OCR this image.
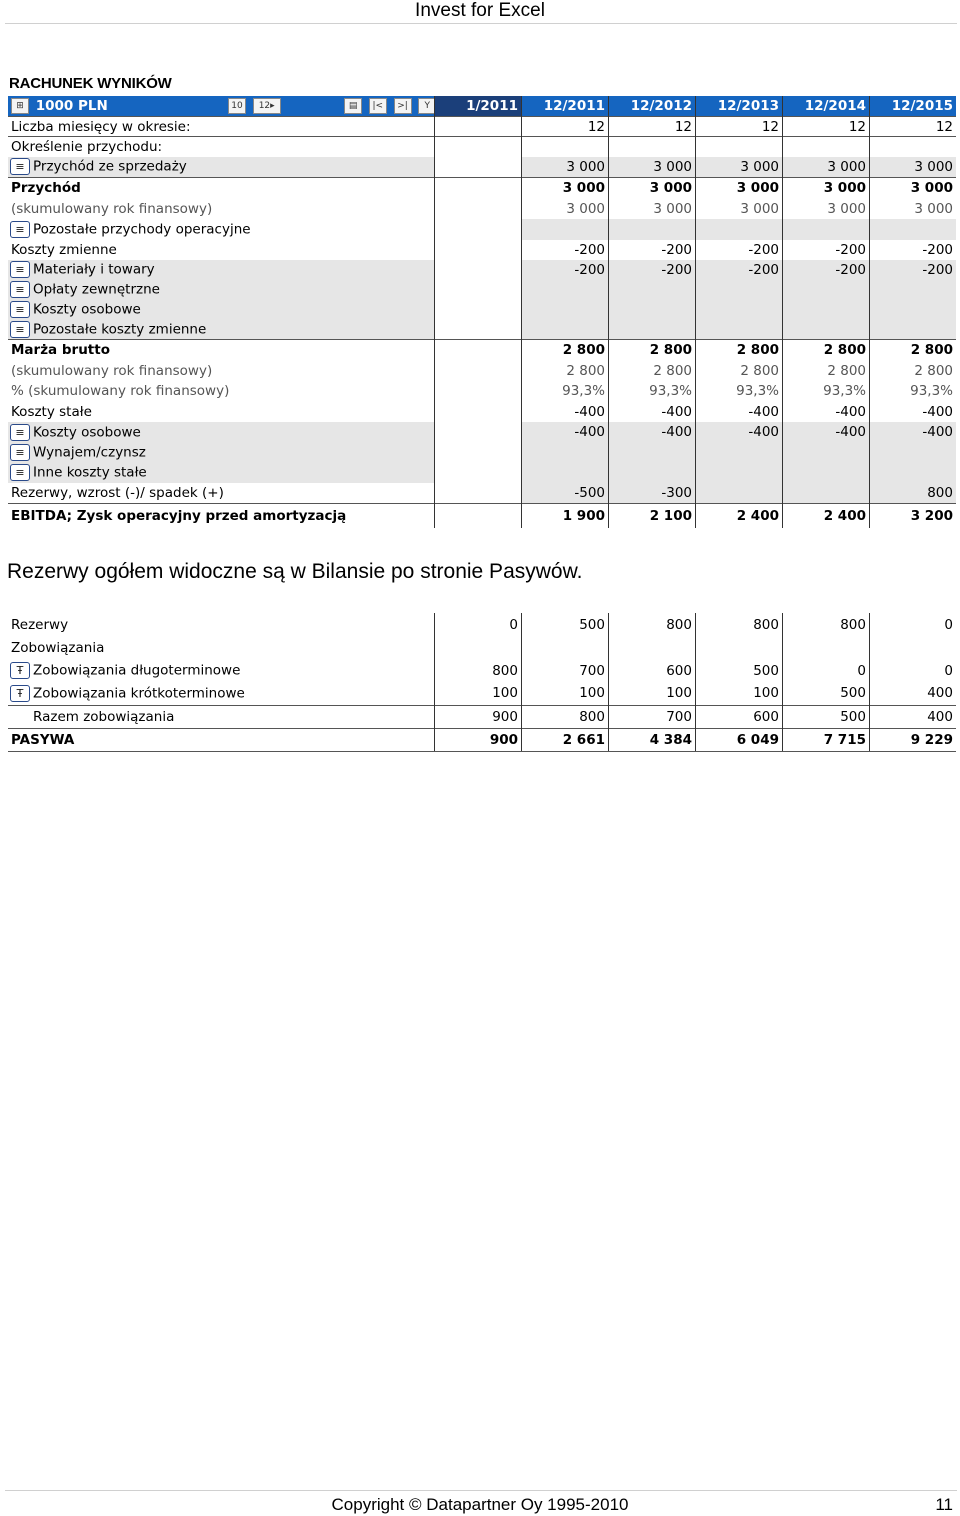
Invest for Excel
RACHUNEK WYNIKÓW
⊞ 1000 PLN 10 12▸ ▤ |< >| Y	1/2011	12/2011	12/2012	12/2013	12/2014	12/2015
Liczba miesięcy w okresie:		12	12	12	12	12
Określenie przychodu:						
≡ Przychód ze sprzedaży		3 000	3 000	3 000	3 000	3 000
Przychód		3 000	3 000	3 000	3 000	3 000
(skumulowany rok finansowy)		3 000	3 000	3 000	3 000	3 000
≡ Pozostałe przychody operacyjne						
Koszty zmienne		-200	-200	-200	-200	-200
≡ Materiały i towary		-200	-200	-200	-200	-200
≡ Opłaty zewnętrzne						
≡ Koszty osobowe						
≡ Pozostałe koszty zmienne						
Marża brutto		2 800	2 800	2 800	2 800	2 800
(skumulowany rok finansowy)		2 800	2 800	2 800	2 800	2 800
% (skumulowany rok finansowy)		93,3%	93,3%	93,3%	93,3%	93,3%
Koszty stałe		-400	-400	-400	-400	-400
≡ Koszty osobowe		-400	-400	-400	-400	-400
≡ Wynajem/czynsz						
≡ Inne koszty stałe						
Rezerwy, wzrost (-)/ spadek (+)		-500	-300			800
EBITDA; Zysk operacyjny przed amortyzacją		1 900	2 100	2 400	2 400	3 200
Rezerwy ogółem widoczne są w Bilansie po stronie Pasywów.
Rezerwy	0	500	800	800	800	0
Zobowiązania						
Ŧ Zobowiązania długoterminowe	800	700	600	500	0	0
Ŧ Zobowiązania krótkoterminowe	100	100	100	100	500	400
Razem zobowiązania	900	800	700	600	500	400
PASYWA	900	2 661	4 384	6 049	7 715	9 229
Copyright © Datapartner Oy 1995-2010	11
